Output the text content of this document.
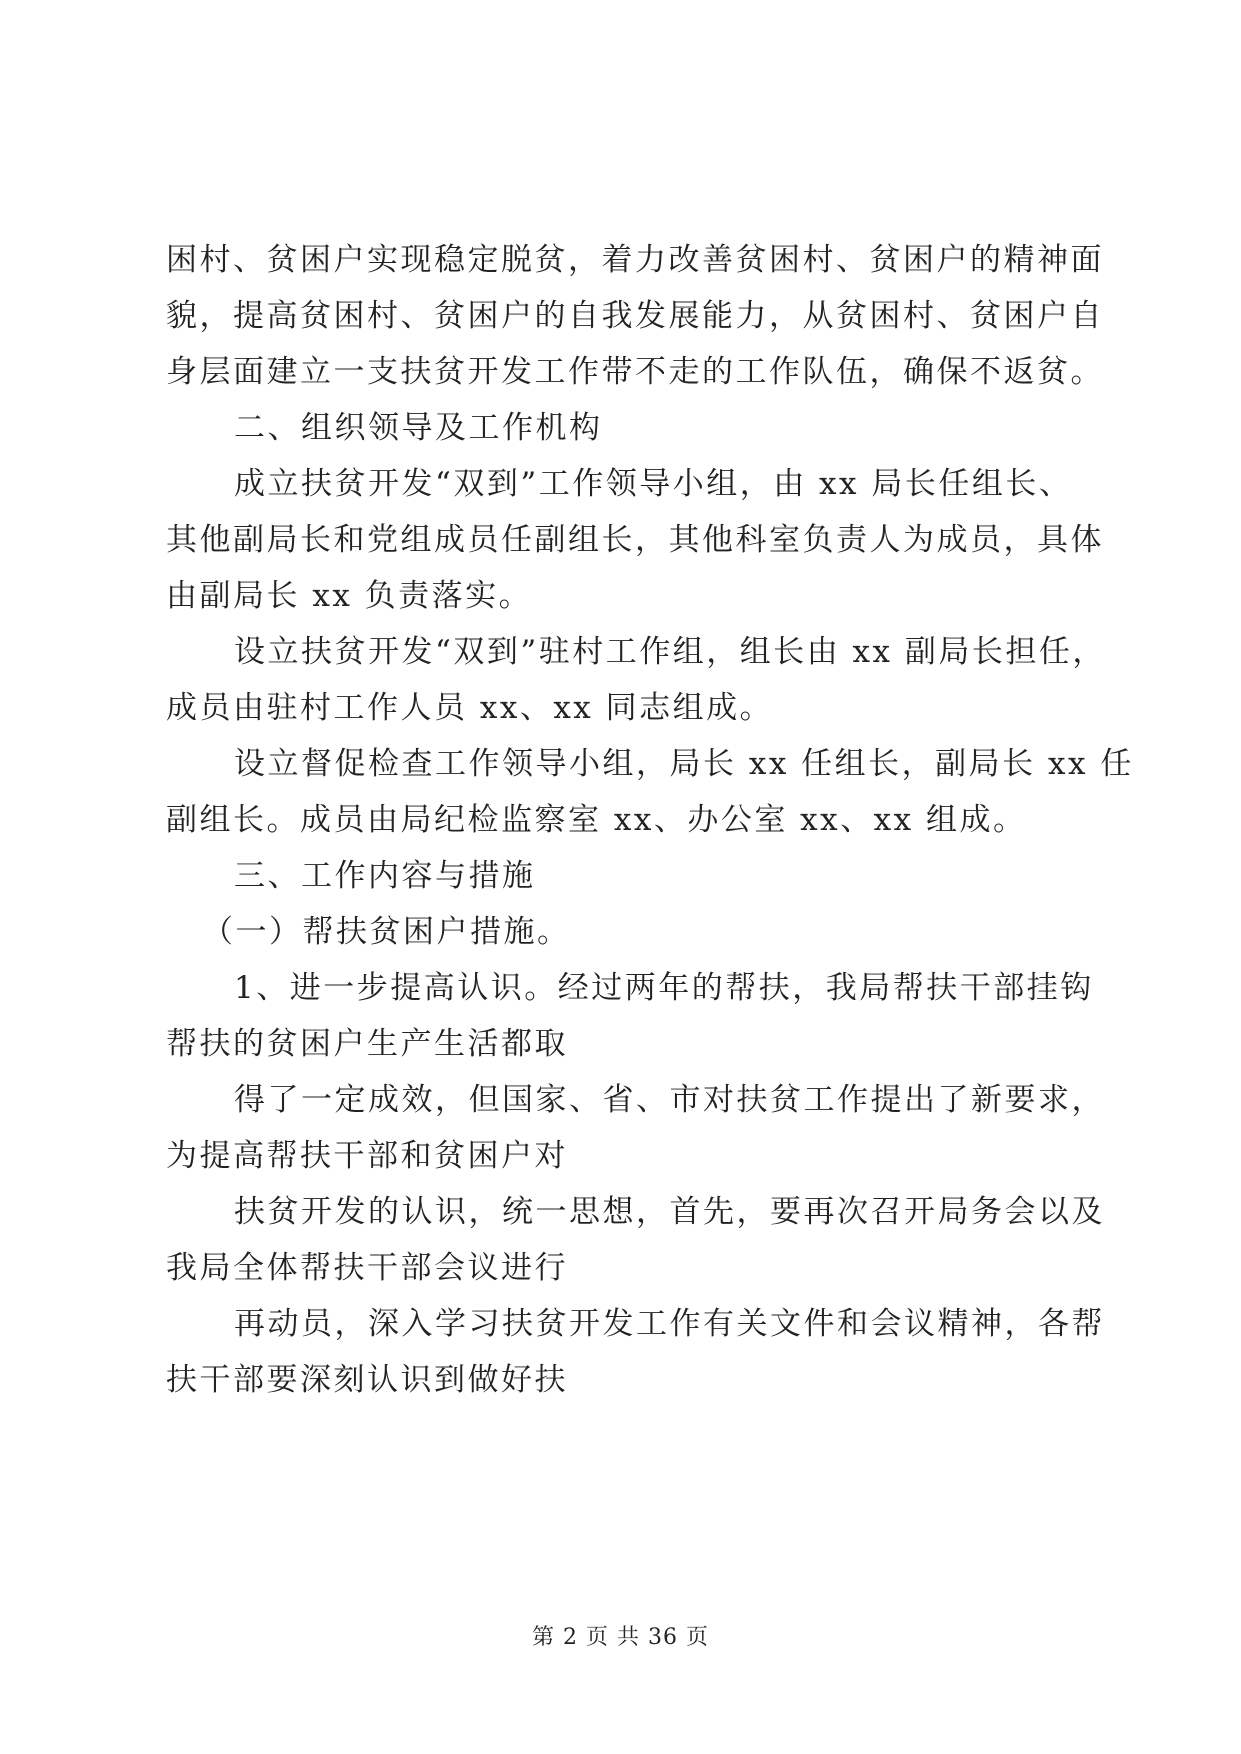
困村、贫困户实现稳定脱贫，着力改善贫困村、贫困户的精神面
貌，提高贫困村、贫困户的自我发展能力，从贫困村、贫困户自
身层面建立一支扶贫开发工作带不走的工作队伍，确保不返贫。
二、组织领导及工作机构
成立扶贫开发“双到”工作领导小组，由 xx 局长任组长、
其他副局长和党组成员任副组长，其他科室负责人为成员，具体
由副局长 xx 负责落实。
设立扶贫开发“双到”驻村工作组，组长由 xx 副局长担任，
成员由驻村工作人员 xx、xx 同志组成。
设立督促检查工作领导小组，局长 xx 任组长，副局长 xx 任
副组长。成员由局纪检监察室 xx、办公室 xx、xx 组成。
三、工作内容与措施
（一）帮扶贫困户措施。
1、进一步提高认识。经过两年的帮扶，我局帮扶干部挂钩
帮扶的贫困户生产生活都取
得了一定成效，但国家、省、市对扶贫工作提出了新要求，
为提高帮扶干部和贫困户对
扶贫开发的认识，统一思想，首先，要再次召开局务会以及
我局全体帮扶干部会议进行
再动员，深入学习扶贫开发工作有关文件和会议精神，各帮
扶干部要深刻认识到做好扶
第 2 页 共 36 页
